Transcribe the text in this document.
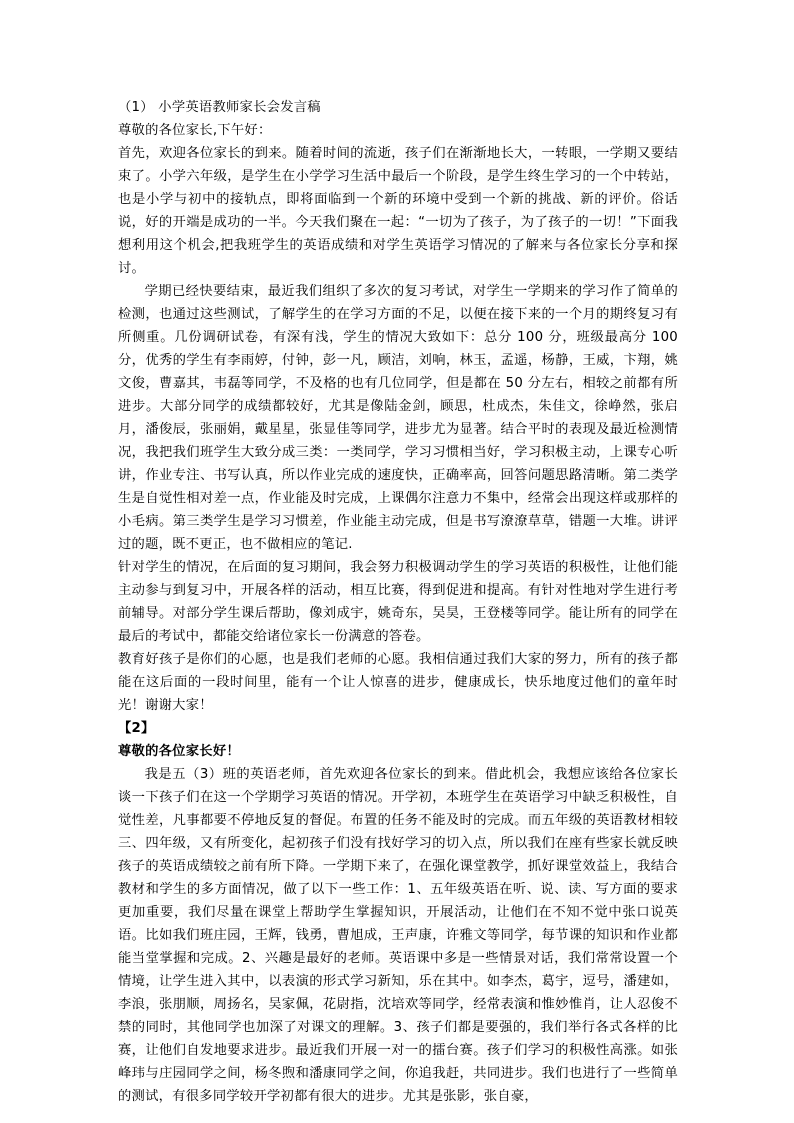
（1） 小学英语教师家长会发言稿

尊敬的各位家长,下午好：

首先，欢迎各位家长的到来。随着时间的流逝，孩子们在渐渐地长大，一转眼，一学期又要结束了。小学六年级，是学生在小学学习生活中最后一个阶段，是学生终生学习的一个中转站，也是小学与初中的接轨点，即将面临到一个新的环境中受到一个新的挑战、新的评价。俗话说，好的开端是成功的一半。今天我们聚在一起：“一切为了孩子，为了孩子的一切！”下面我想利用这个机会,把我班学生的英语成绩和对学生英语学习情况的了解来与各位家长分享和探讨。

学期已经快要结束，最近我们组织了多次的复习考试，对学生一学期来的学习作了简单的检测，也通过这些测试，了解学生的在学习方面的不足，以便在接下来的一个月的期终复习有所侧重。几份调研试卷，有深有浅，学生的情况大致如下：总分 100 分，班级最高分 100 分，优秀的学生有李雨婷，付钟，彭一凡，顾洁，刘响，林玉，孟遥，杨静，王威，卞翔，姚文俊，曹嘉其，韦磊等同学，不及格的也有几位同学，但是都在 50 分左右，相较之前都有所进步。大部分同学的成绩都较好，尤其是像陆金剑，顾思，杜成杰，朱佳文，徐峥然，张启月，潘俊辰，张丽娟，戴星星，张显佳等同学，进步尤为显著。结合平时的表现及最近检测情况，我把我们班学生大致分成三类：一类同学，学习习惯相当好，学习积极主动，上课专心听讲，作业专注、书写认真，所以作业完成的速度快，正确率高，回答问题思路清晰。第二类学生是自觉性相对差一点，作业能及时完成，上课偶尔注意力不集中，经常会出现这样或那样的小毛病。第三类学生是学习习惯差，作业能主动完成，但是书写潦潦草草，错题一大堆。讲评过的题，既不更正，也不做相应的笔记.

针对学生的情况，在后面的复习期间，我会努力积极调动学生的学习英语的积极性，让他们能主动参与到复习中，开展各样的活动，相互比赛，得到促进和提高。有针对性地对学生进行考前辅导。对部分学生课后帮助，像刘成宇，姚奇东，吴昊，王登楼等同学。能让所有的同学在最后的考试中，都能交给诸位家长一份满意的答卷。

教育好孩子是你们的心愿，也是我们老师的心愿。我相信通过我们大家的努力，所有的孩子都能在这后面的一段时间里，能有一个让人惊喜的进步，健康成长，快乐地度过他们的童年时光！谢谢大家！

【2】

尊敬的各位家长好！

我是五（3）班的英语老师，首先欢迎各位家长的到来。借此机会，我想应该给各位家长谈一下孩子们在这一个学期学习英语的情况。开学初，本班学生在英语学习中缺乏积极性，自觉性差，凡事都要不停地反复的督促。布置的任务不能及时的完成。而五年级的英语教材相较三、四年级，又有所变化，起初孩子们没有找好学习的切入点，所以我们在座有些家长就反映孩子的英语成绩较之前有所下降。一学期下来了，在强化课堂教学，抓好课堂效益上，我结合教材和学生的多方面情况，做了以下一些工作：1、五年级英语在听、说、读、写方面的要求更加重要，我们尽量在课堂上帮助学生掌握知识，开展活动，让他们在不知不觉中张口说英语。比如我们班庄园，王辉，钱勇，曹旭成，王声康，许雅文等同学，每节课的知识和作业都能当堂掌握和完成。2、兴趣是最好的老师。英语课中多是一些情景对话，我们常常设置一个情境，让学生进入其中，以表演的形式学习新知，乐在其中。如李杰，葛宇，逗号，潘建如，李浪，张朋顺，周扬名，吴家佩，花尉指，沈培欢等同学，经常表演和惟妙惟肖，让人忍俊不禁的同时，其他同学也加深了对课文的理解。3、孩子们都是要强的，我们举行各式各样的比赛，让他们自发地要求进步。最近我们开展一对一的擂台赛。孩子们学习的积极性高涨。如张峰玮与庄园同学之间，杨冬煦和潘康同学之间，你追我赶，共同进步。我们也进行了一些简单的测试，有很多同学较开学初都有很大的进步。尤其是张影，张自豪，
